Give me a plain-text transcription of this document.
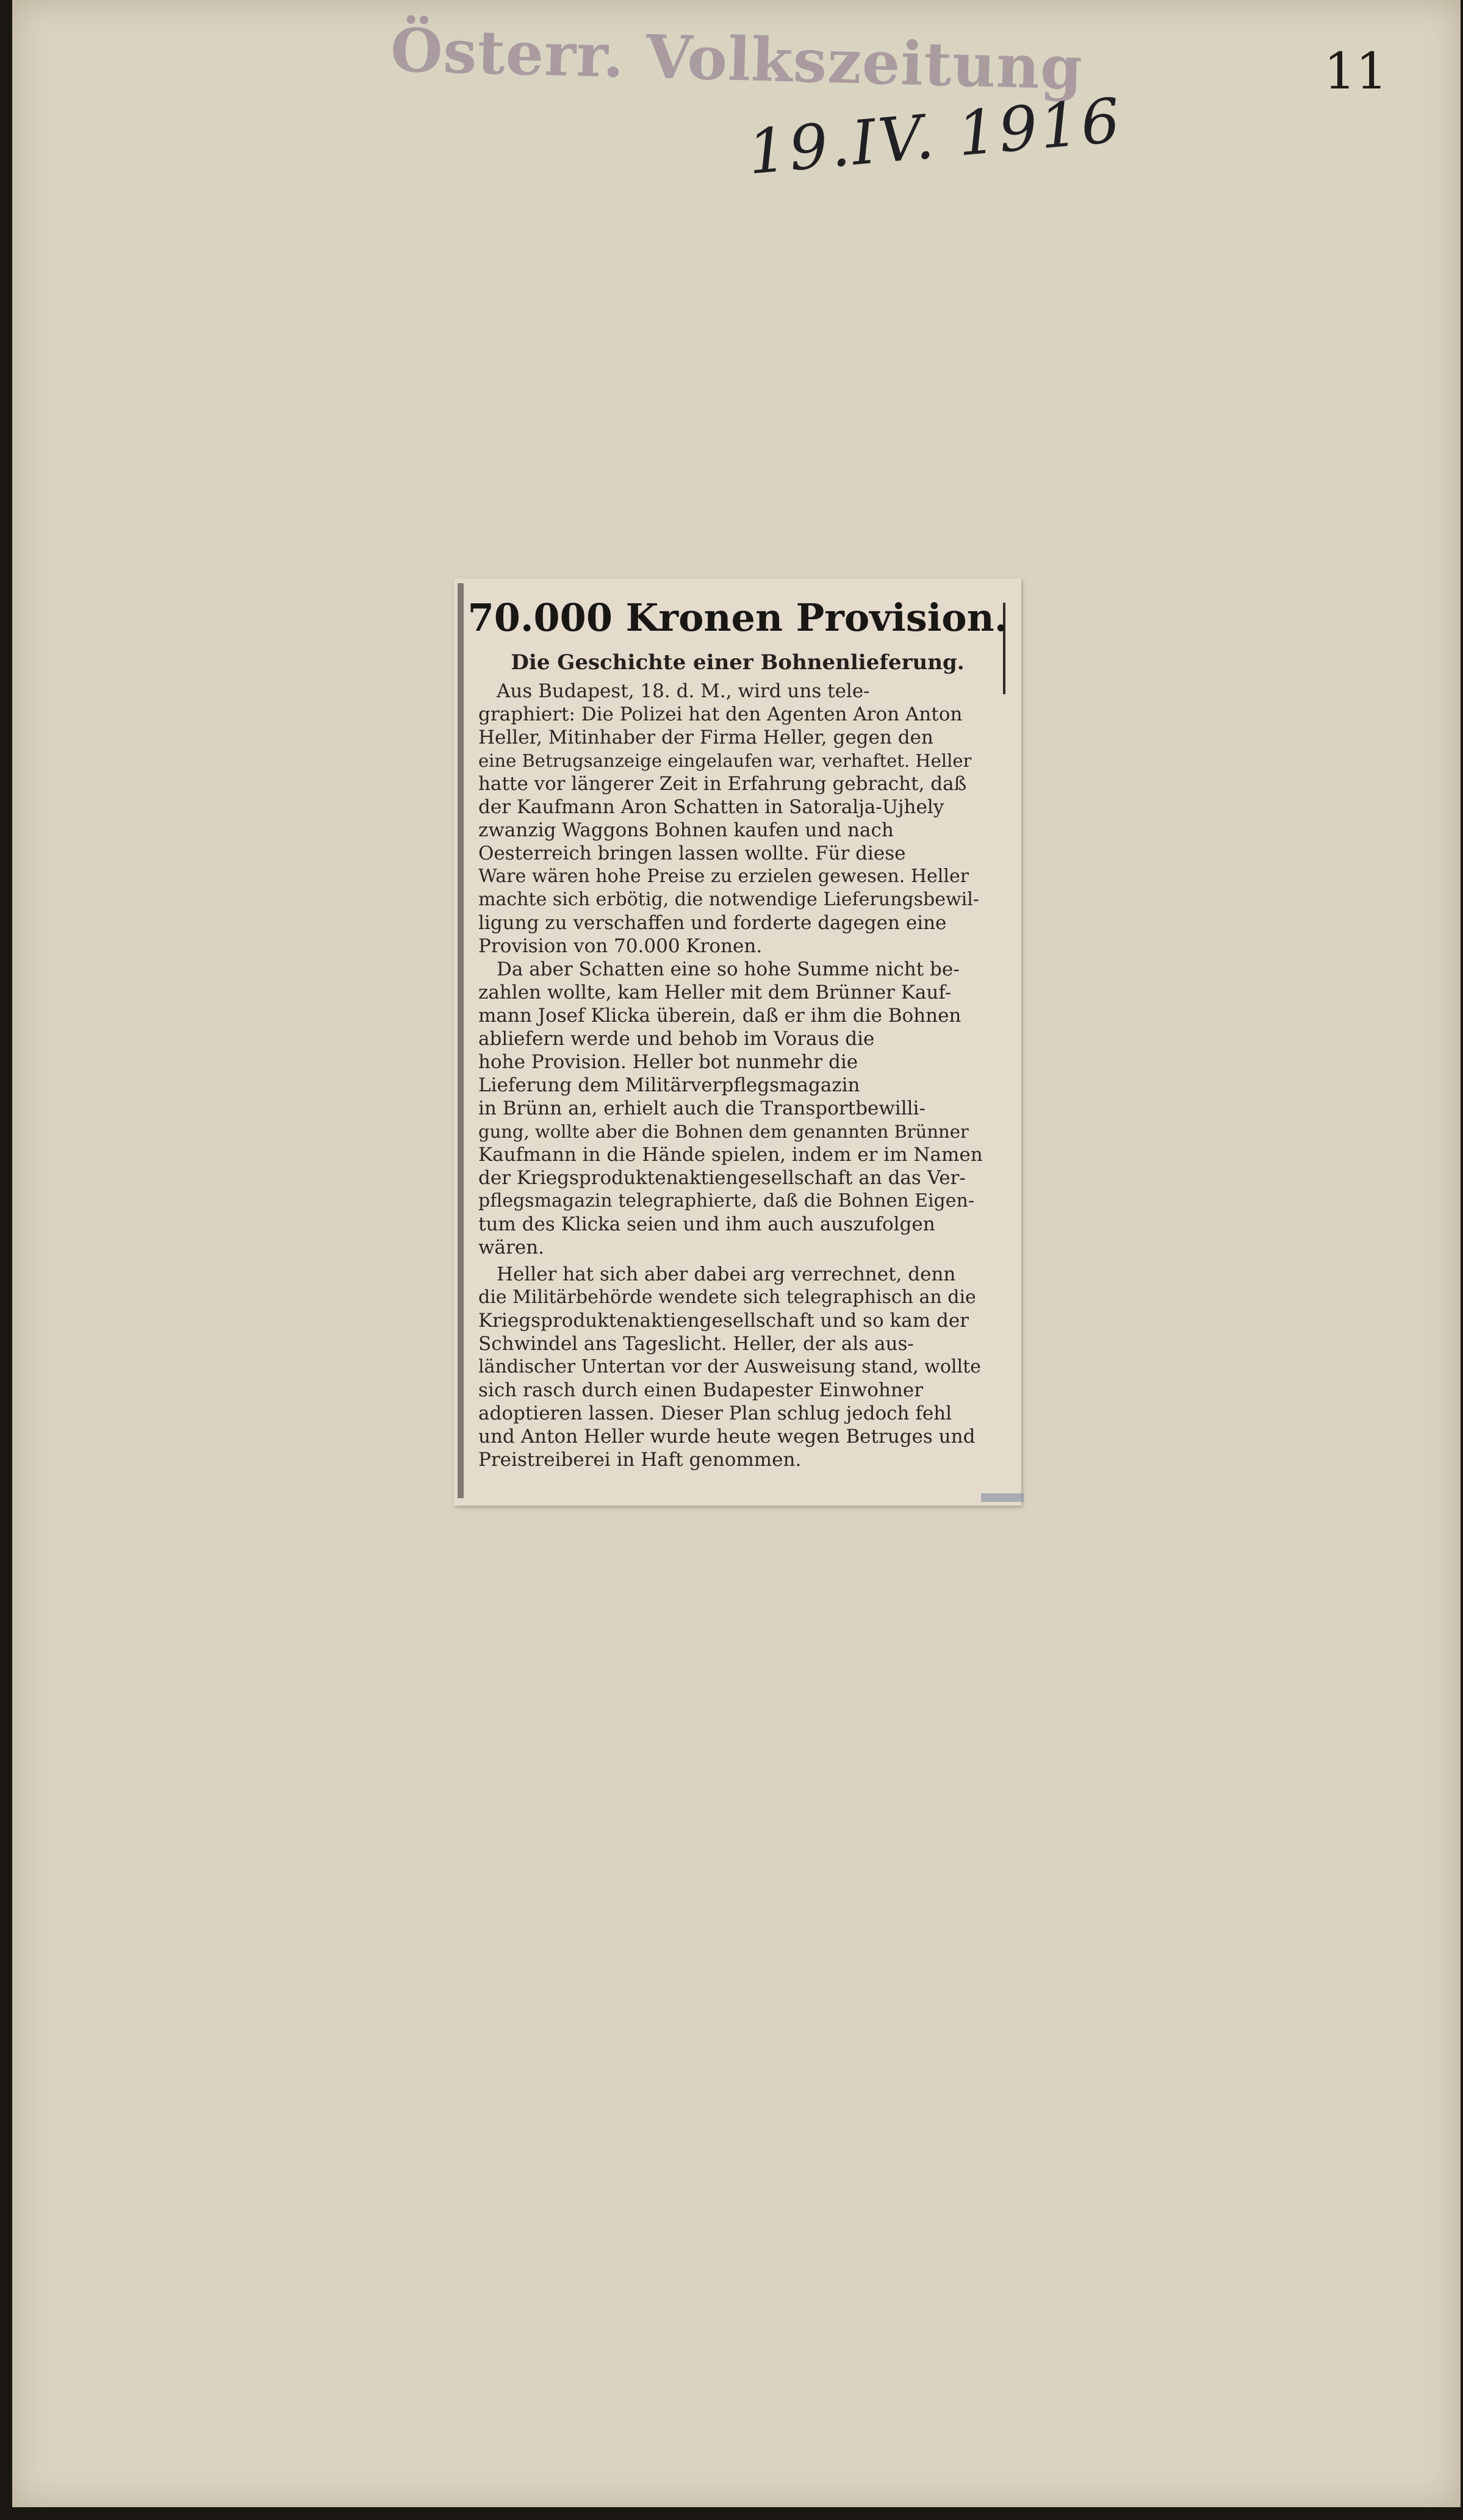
Österr. Volkszeitung	11
19.IV. 1916
70.000 Kronen Provision.
Die Geschichte einer Bohnenlieferung.
Aus Budapest, 18. d. M., wird uns tele-
graphiert: Die Polizei hat den Agenten Aron Anton
Heller, Mitinhaber der Firma Heller, gegen den
eine Betrugsanzeige eingelaufen war, verhaftet. Heller
hatte vor längerer Zeit in Erfahrung gebracht, daß
der Kaufmann Aron Schatten in Satoralja-Ujhely
zwanzig Waggons Bohnen kaufen und nach
Oesterreich bringen lassen wollte. Für diese
Ware wären hohe Preise zu erzielen gewesen. Heller
machte sich erbötig, die notwendige Lieferungsbewil-
ligung zu verschaffen und forderte dagegen eine
Provision von 70.000 Kronen.
Da aber Schatten eine so hohe Summe nicht be-
zahlen wollte, kam Heller mit dem Brünner Kauf-
mann Josef Klicka überein, daß er ihm die Bohnen
abliefern werde und behob im Voraus die
hohe Provision. Heller bot nunmehr die
Lieferung dem Militärverpflegsmagazin
in Brünn an, erhielt auch die Transportbewilli-
gung, wollte aber die Bohnen dem genannten Brünner
Kaufmann in die Hände spielen, indem er im Namen
der Kriegsproduktenaktiengesellschaft an das Ver-
pflegsmagazin telegraphierte, daß die Bohnen Eigen-
tum des Klicka seien und ihm auch auszufolgen
wären.
Heller hat sich aber dabei arg verrechnet, denn
die Militärbehörde wendete sich telegraphisch an die
Kriegsproduktenaktiengesellschaft und so kam der
Schwindel ans Tageslicht. Heller, der als aus-
ländischer Untertan vor der Ausweisung stand, wollte
sich rasch durch einen Budapester Einwohner
adoptieren lassen. Dieser Plan schlug jedoch fehl
und Anton Heller wurde heute wegen Betruges und
Preistreiberei in Haft genommen.
